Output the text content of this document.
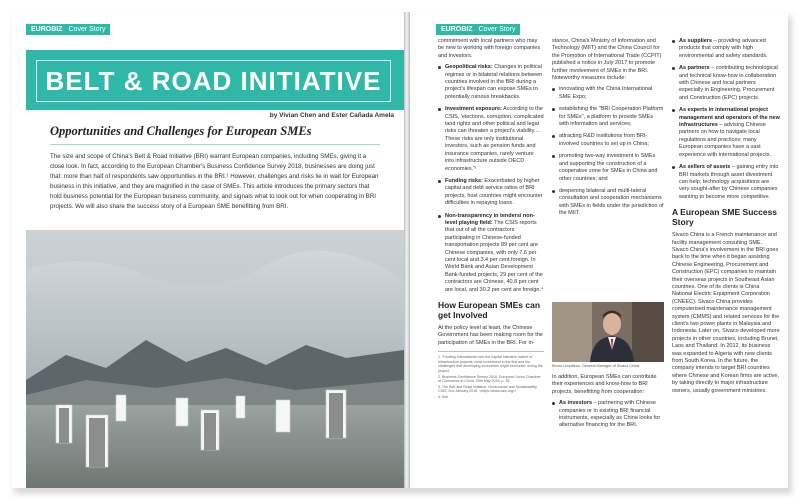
EUROBIZ Cover Story
BELT & ROAD INITIATIVE
by Vivian Chen and Ester Cañada Amela
Opportunities and Challenges for European SMEs
The size and scope of China's Belt & Road Initiative (BRI) warrant European companies, including SMEs, giving it a close look. In fact, according to the European Chamber's Business Confidence Survey 2018, businesses are doing just that: more than half of respondents saw opportunities in the BRI.¹ However, challenges and risks lie in wait for European business in this initiative, and they are magnified in the case of SMEs. This article introduces the primary sectors that hold business potential for the European business community, and signals what to look out for when cooperating in BRI projects. We will also share the success story of a European SME benefitting from BRI.
EUROBIZ Cover Story

commitment with local partners who may be new to working with foreign companies and investors.

Geopolitical risks: Changes in political regimes or in bilateral relations between countries involved in the BRI during a project's lifespan can expose SMEs to potentially ruinous breakbacks.
Investment exposure: According to the CSIS, 'elections, corruption, complicated land rights and other political and legal risks can threaten a project's viability.... These risks are only institutional investors, such as pension funds and insurance companies, rarely venture into infrastructure outside OECD economies.'³
Funding risks: Exacerbated by higher capital and debt service ratios of BRI projects, host countries might encounter difficulties in repaying loans.
Non-transparency in tenders/ non-level playing field: The CSIS reports that out of all the contractors participating in Chinese-funded transportation projects 89 per cent are Chinese companies, with only 7.6 per cent local and 3.4 per cent foreign. In World Bank and Asian Development Bank-funded projects, 29 per cent of the contractors are Chinese, 40.8 per cent are local, and 30.2 per cent are foreign.⁴
How European SMEs can get Involved

At the policy level at least, the Chinese Government has been making room for the participation of SMEs in the BRI. For in-

1. 'Funding International over the capital intensive nature of infrastructure projects, most investment in the first and the challenges that developing economies might encounter during the project'
2. Business Confidence Survey 2018, European Union Chamber of Commerce in China, 29th May 2018, p. 35
3. The Belt and Road Initiative: Governance and Sustainability, CSIS, 2nd January 2018, <https://www.csis.org/>
4. Ibid.

stance, China's Ministry of Information and Technology (MIIT) and the China Council for the Promotion of International Trade (CCPIT) published a notice in July 2017 to promote further involvement of SMEs in the BRI. Noteworthy measures include:

innovating with the China International SME Expo;
establishing the "BRI Cooperation Platform for SMEs", a platform to provide SMEs with information and services;
attracting R&D institutions from BRI-involved countries to set up in China;
promoting two-way investment in SMEs and supporting the construction of a cooperative zone for SMEs in China and other countries; and
deepening bilateral and multi-lateral consultation and cooperation mechanisms with SMEs in fields under the jurisdiction of the MIIT.
Bruno Lhopiteau, General Manager of Sivaco China

In addition, European SMEs can contribute their experiences and know-how to BRI projects, benefitting from cooperation:

As investors – partnering with Chinese companies or in existing BRI financial instruments, especially as China looks for alternative financing for the BRI.
As suppliers – providing advanced products that comply with high environmental and safety standards.
As partners – contributing technological and technical know-how in collaboration with Chinese and local partners especially in Engineering, Procurement and Construction (EPC) projects.
As experts in international project management and operators of the new infrastructures – advising Chinese partners on how to navigate local regulations and practices; many European companies have a vast experience with international projects.
As sellers of assets – gaining entry into BRI markets through asset divestment can help; technology acquisitions are very sought-after by Chinese companies wanting to become more competitive.
A European SME Success Story

Sivaco China is a French maintenance and facility management consulting SME. Sivaco China's involvement in the BRI goes back to the time when it began assisting Chinese Engineering, Procurement and Construction (EPC) companies to maintain their overseas projects in Southeast Asian countries. One of its clients is China National Electric Equipment Corporation (CNEEC). Sivaco China provides computerised maintenance management system (CMMS) and related services for the client's two power plants in Malaysia and Indonesia. Later on, Sivaco developed more projects in other countries, including Brunei, Laos and Thailand. In 2012, its business was expanded to Algeria with new clients from South Korea. In the future, the company intends to target BRI countries where Chinese and Korean firms are active, by taking directly to major infrastructure owners, usually government ministries.
